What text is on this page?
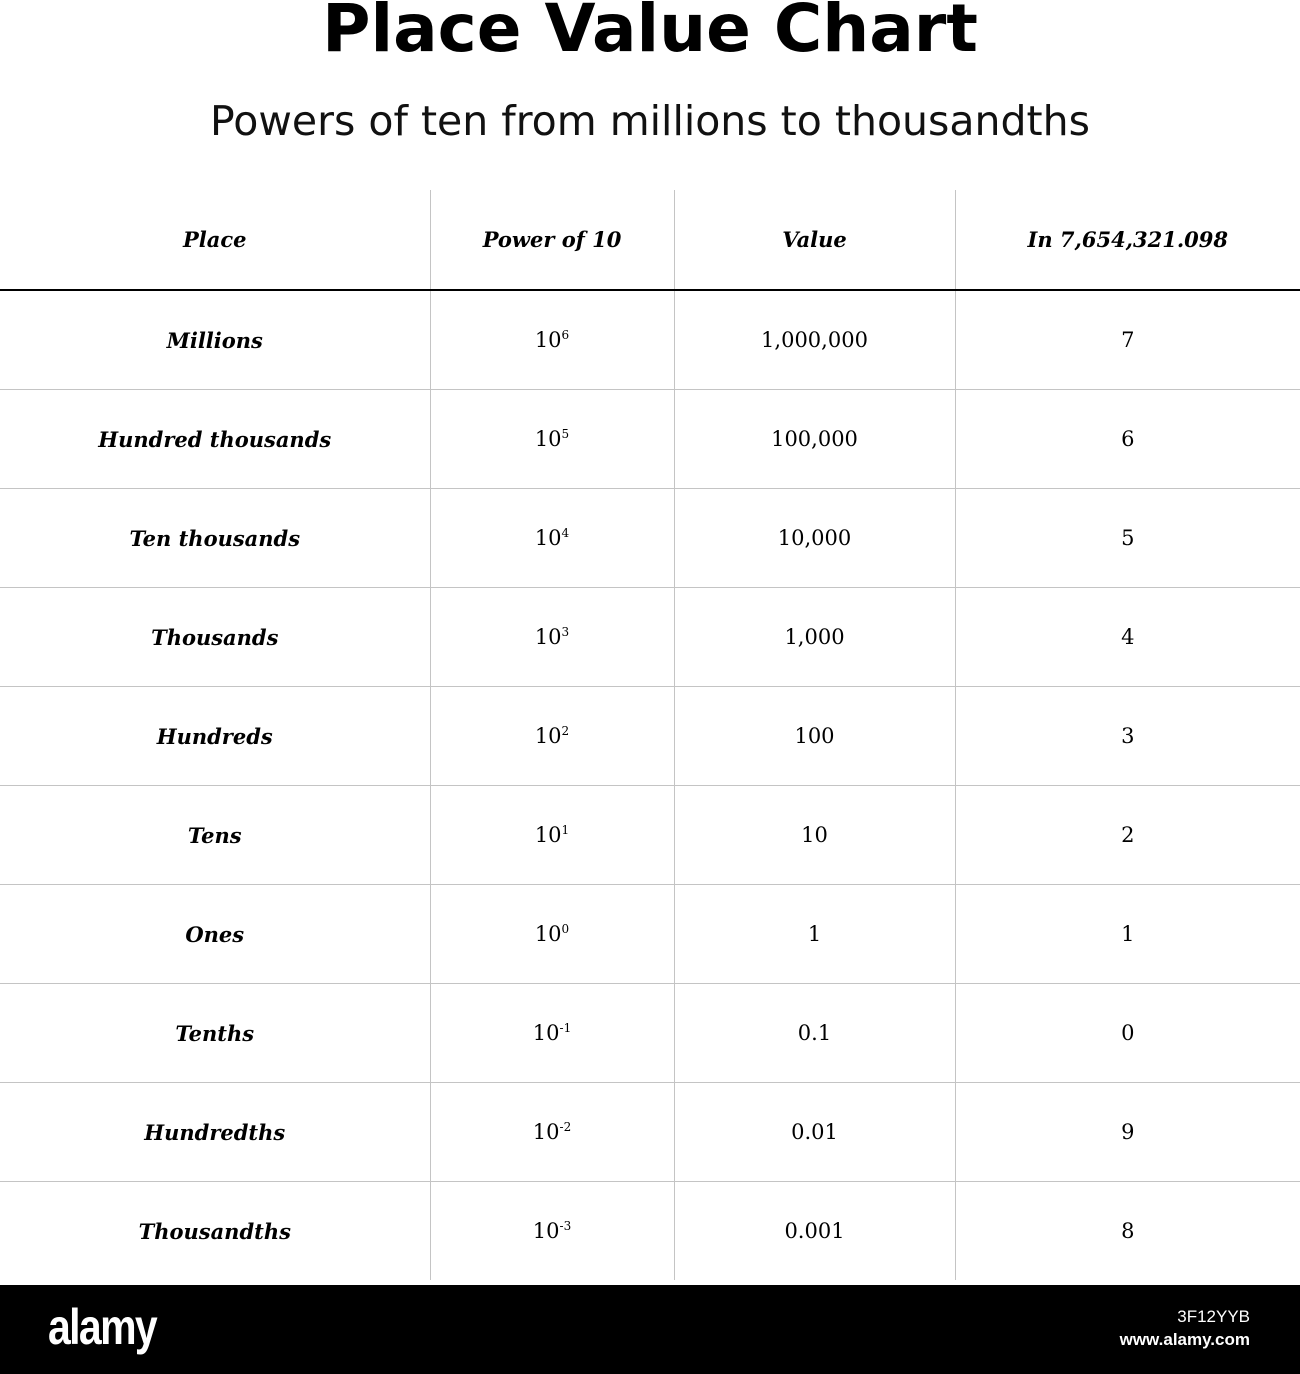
Place Value Chart
Powers of ten from millions to thousandths
Place	Power of 10	Value	In 7,654,321.098
Millions	$10^6$	1,000,000	7
Hundred thousands	$10^5$	100,000	6
Ten thousands	$10^4$	10,000	5
Thousands	$10^3$	1,000	4
Hundreds	$10^2$	100	3
Tens	$10^1$	10	2
Ones	$10^0$	1	1
Tenths	$10^{-1}$	0.1	0
Hundredths	$10^{-2}$	0.01	9
Thousandths	$10^{-3}$	0.001	8
alamy	3F12YYB
www.alamy.com
